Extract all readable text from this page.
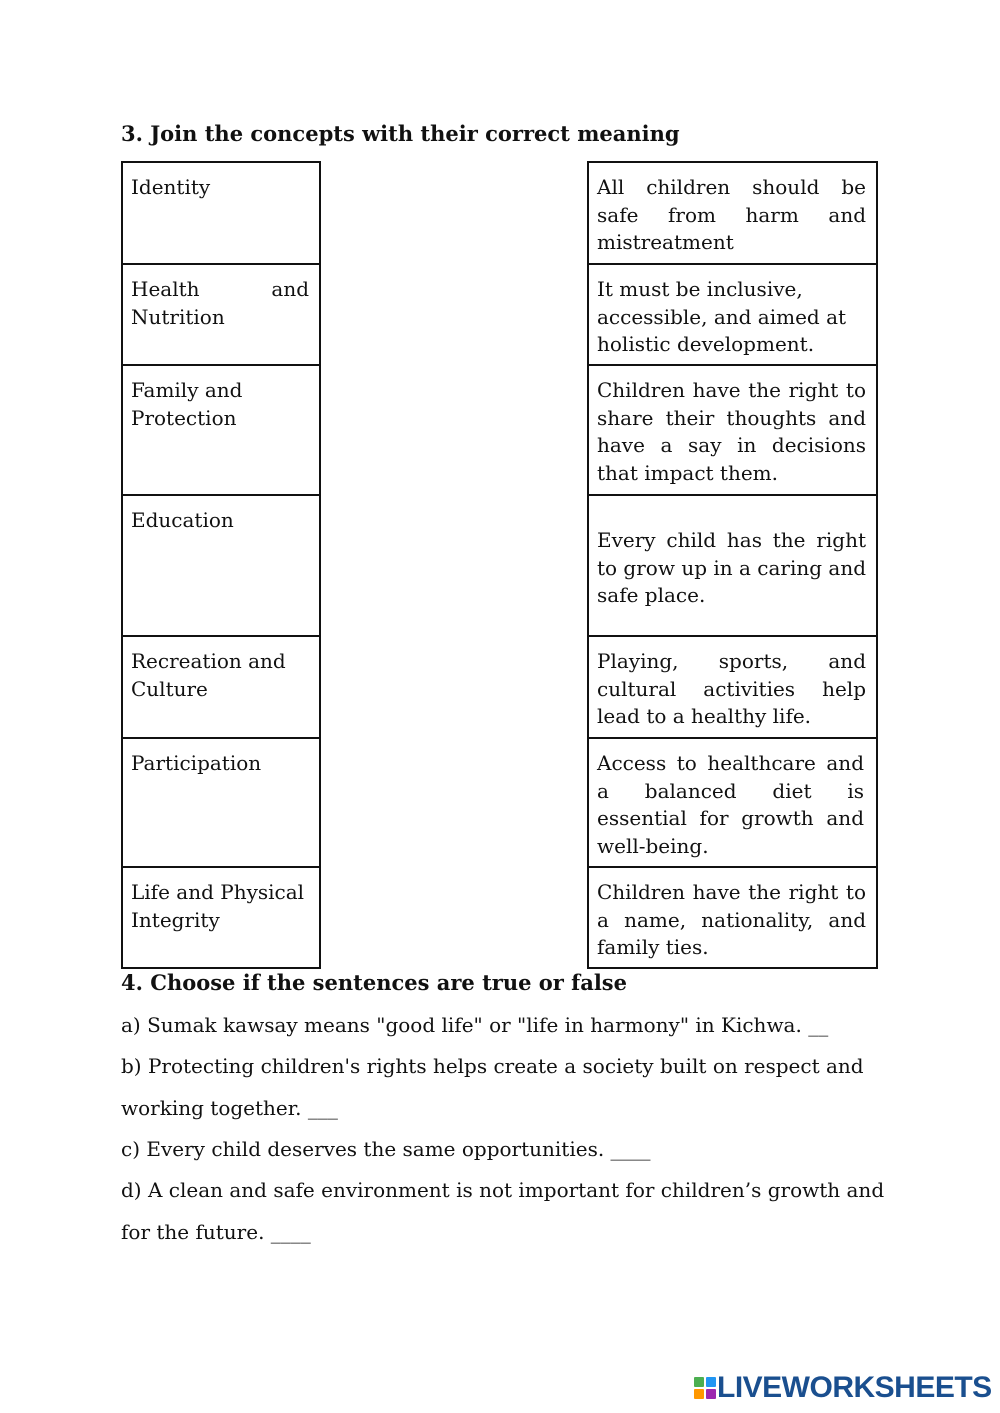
3. Join the concepts with their correct meaning
Identity
Health and Nutrition
Family and Protection
Education
Recreation and Culture
Participation
Life and Physical Integrity
All children should be safe from harm and mistreatment
It must be inclusive, accessible, and aimed at holistic development.
Children have the right to share their thoughts and have a say in decisions that impact them.
Every child has the right to grow up in a caring and safe place.
Playing, sports, and cultural activities help lead to a healthy life.
Access to healthcare and a balanced diet is essential for growth and well-being.
Children have the right to a name, nationality, and family ties.
4. Choose if the sentences are true or false

a) Sumak kawsay means "good life" or "life in harmony" in Kichwa. __

b) Protecting children's rights helps create a society built on respect and

working together. ___

c) Every child deserves the same opportunities. ____

d) A clean and safe environment is not important for children’s growth and

for the future. ____

LIVEWORKSHEETS
